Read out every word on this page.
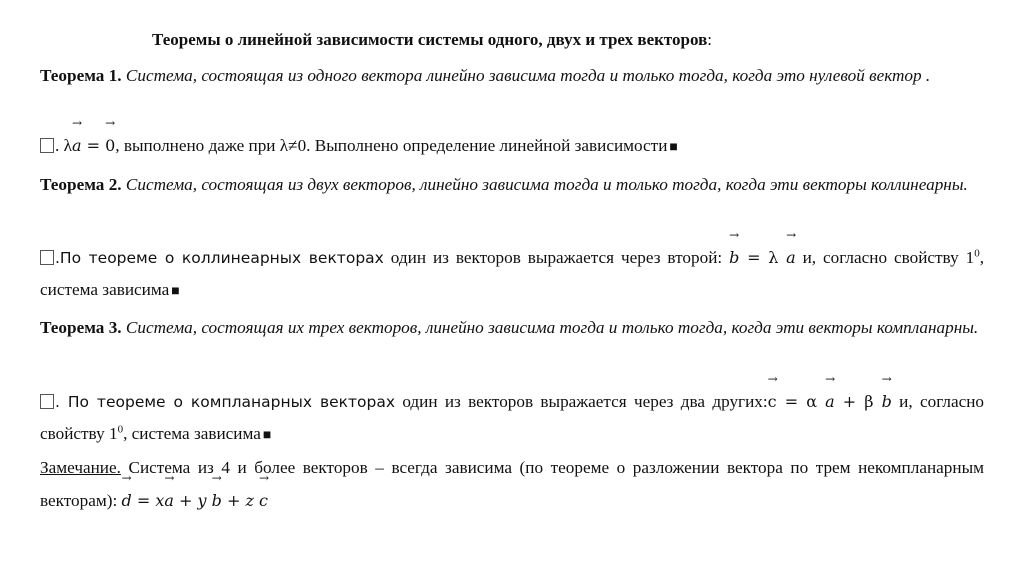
Теоремы о линейной зависимости системы одного, двух и трех векторов:
Теорема 1. Система, состоящая из одного вектора линейно зависима тогда и только тогда, когда это нулевой вектор .
. λ→ a = → 0, выполнено даже при λ≠0. Выполнено определение линейной зависимости ■
Теорема 2. Система, состоящая из двух векторов, линейно зависима тогда и только тогда, когда эти векторы коллинеарны.
.По теореме о коллинеарных векторах один из векторов выражается через второй: → b = λ → a и, согласно свойству $1^0$, система зависима ■
Теорема 3. Система, состоящая их трех векторов, линейно зависима тогда и только тогда, когда эти векторы компланарны.
. По теореме о компланарных векторах один из векторов выражается через два других:→ c = α → a + β → b и, согласно свойству $1^0$, система зависима ■
Замечание. Система из 4 и более векторов – всегда зависима (по теореме о разложении вектора по трем некомпланарным векторам): → d = x→ a + y → b + z → c
